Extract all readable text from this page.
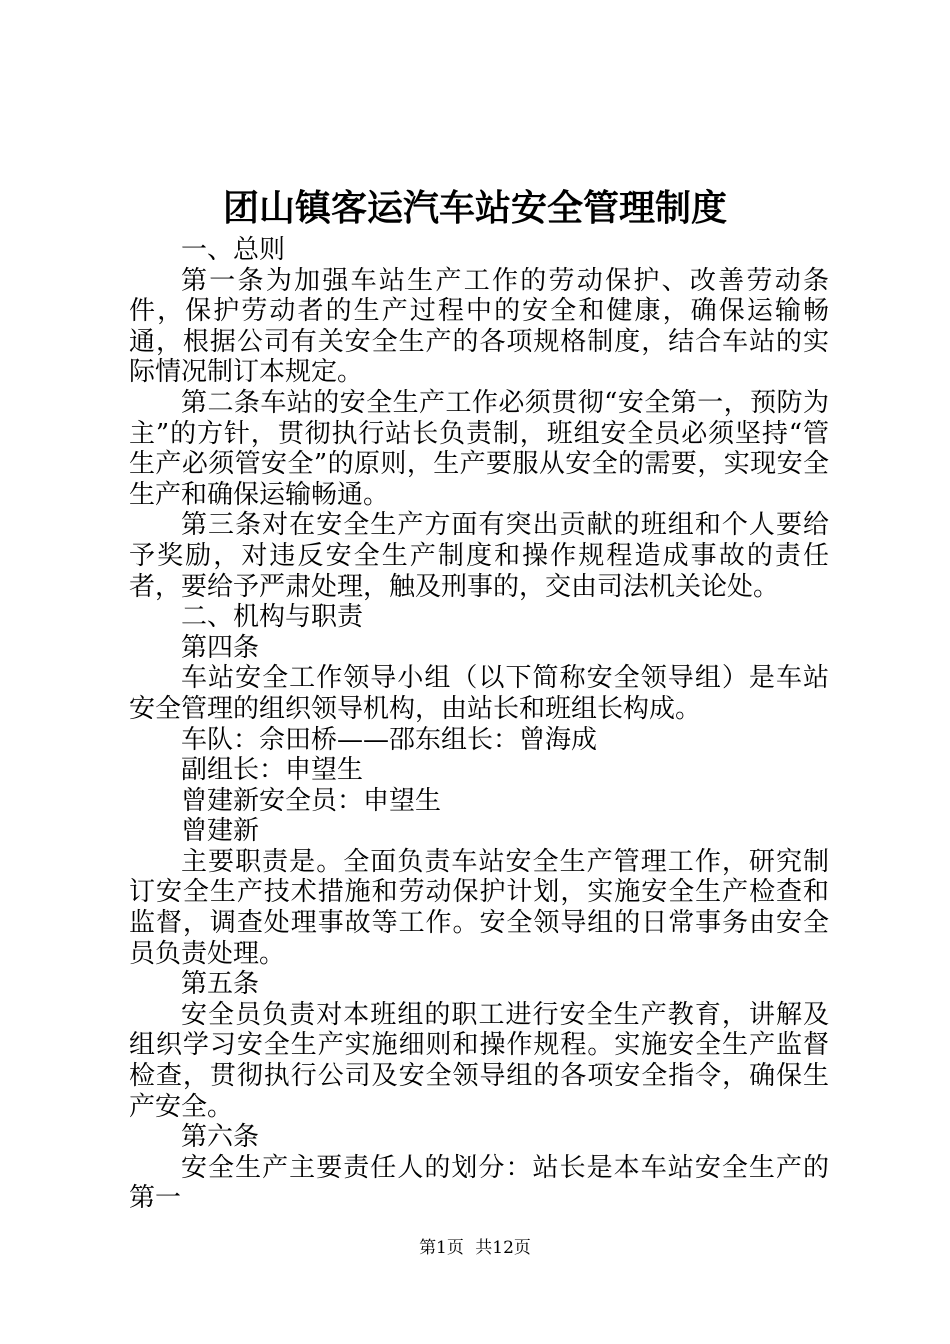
团山镇客运汽车站安全管理制度

一、总则

第一条为加强车站生产工作的劳动保护、改善劳动条件，保护劳动者的生产过程中的安全和健康，确保运输畅通，根据公司有关安全生产的各项规格制度，结合车站的实际情况制订本规定。

第二条车站的安全生产工作必须贯彻“安全第一，预防为主”的方针，贯彻执行站长负责制，班组安全员必须坚持“管生产必须管安全”的原则，生产要服从安全的需要，实现安全生产和确保运输畅通。

第三条对在安全生产方面有突出贡献的班组和个人要给予奖励，对违反安全生产制度和操作规程造成事故的责任者，要给予严肃处理，触及刑事的，交由司法机关论处。

二、机构与职责

第四条

车站安全工作领导小组（以下简称安全领导组）是车站安全管理的组织领导机构，由站长和班组长构成。

车队：佘田桥——邵东组长：曾海成

副组长：申望生

曾建新安全员：申望生

曾建新

主要职责是。全面负责车站安全生产管理工作，研究制订安全生产技术措施和劳动保护计划，实施安全生产检查和监督，调查处理事故等工作。安全领导组的日常事务由安全员负责处理。

第五条

安全员负责对本班组的职工进行安全生产教育，讲解及组织学习安全生产实施细则和操作规程。实施安全生产监督检查，贯彻执行公司及安全领导组的各项安全指令，确保生产安全。

第六条

安全生产主要责任人的划分：站长是本车站安全生产的第一

第1页 共12页
